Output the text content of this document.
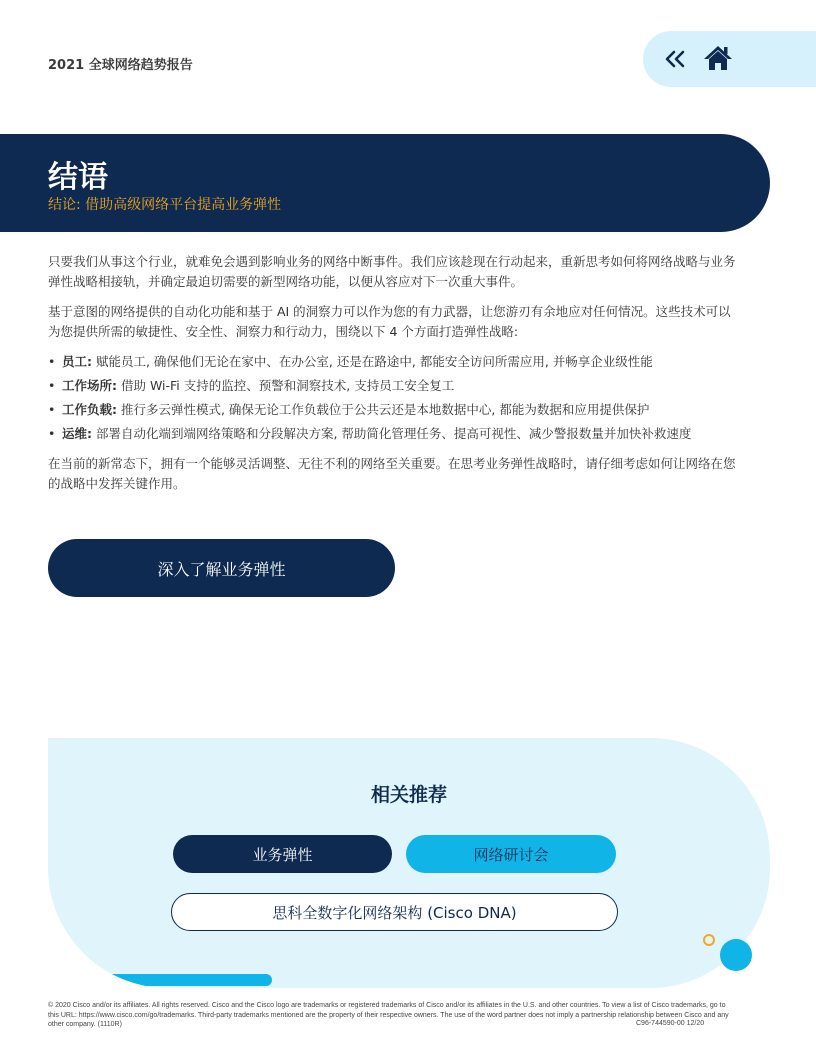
2021 全球网络趋势报告
结语
结论: 借助高级网络平台提高业务弹性

只要我们从事这个行业，就难免会遇到影响业务的网络中断事件。我们应该趁现在行动起来，重新思考如何将网络战略与业务弹性战略相接轨，并确定最迫切需要的新型网络功能，以便从容应对下一次重大事件。

基于意图的网络提供的自动化功能和基于 AI 的洞察力可以作为您的有力武器，让您游刃有余地应对任何情况。这些技术可以为您提供所需的敏捷性、安全性、洞察力和行动力，围绕以下 4 个方面打造弹性战略:

• 员工: 赋能员工, 确保他们无论在家中、在办公室, 还是在路途中, 都能安全访问所需应用, 并畅享企业级性能
• 工作场所: 借助 Wi-Fi 支持的监控、预警和洞察技术, 支持员工安全复工
• 工作负载: 推行多云弹性模式, 确保无论工作负载位于公共云还是本地数据中心, 都能为数据和应用提供保护
• 运维: 部署自动化端到端网络策略和分段解决方案, 帮助简化管理任务、提高可视性、减少警报数量并加快补救速度

在当前的新常态下，拥有一个能够灵活调整、无往不利的网络至关重要。在思考业务弹性战略时，请仔细考虑如何让网络在您的战略中发挥关键作用。

深入了解业务弹性
相关推荐
业务弹性	网络研讨会
思科全数字化网络架构 (Cisco DNA)
© 2020 Cisco and/or its affiliates. All rights reserved. Cisco and the Cisco logo are trademarks or registered trademarks of Cisco and/or its affiliates in the U.S. and other countries. To view a list of Cisco trademarks, go to this URL: https://www.cisco.com/go/trademarks. Third-party trademarks mentioned are the property of their respective owners. The use of the word partner does not imply a partnership relationship between Cisco and any other company. (1110R)	C96-744590-00 12/20
